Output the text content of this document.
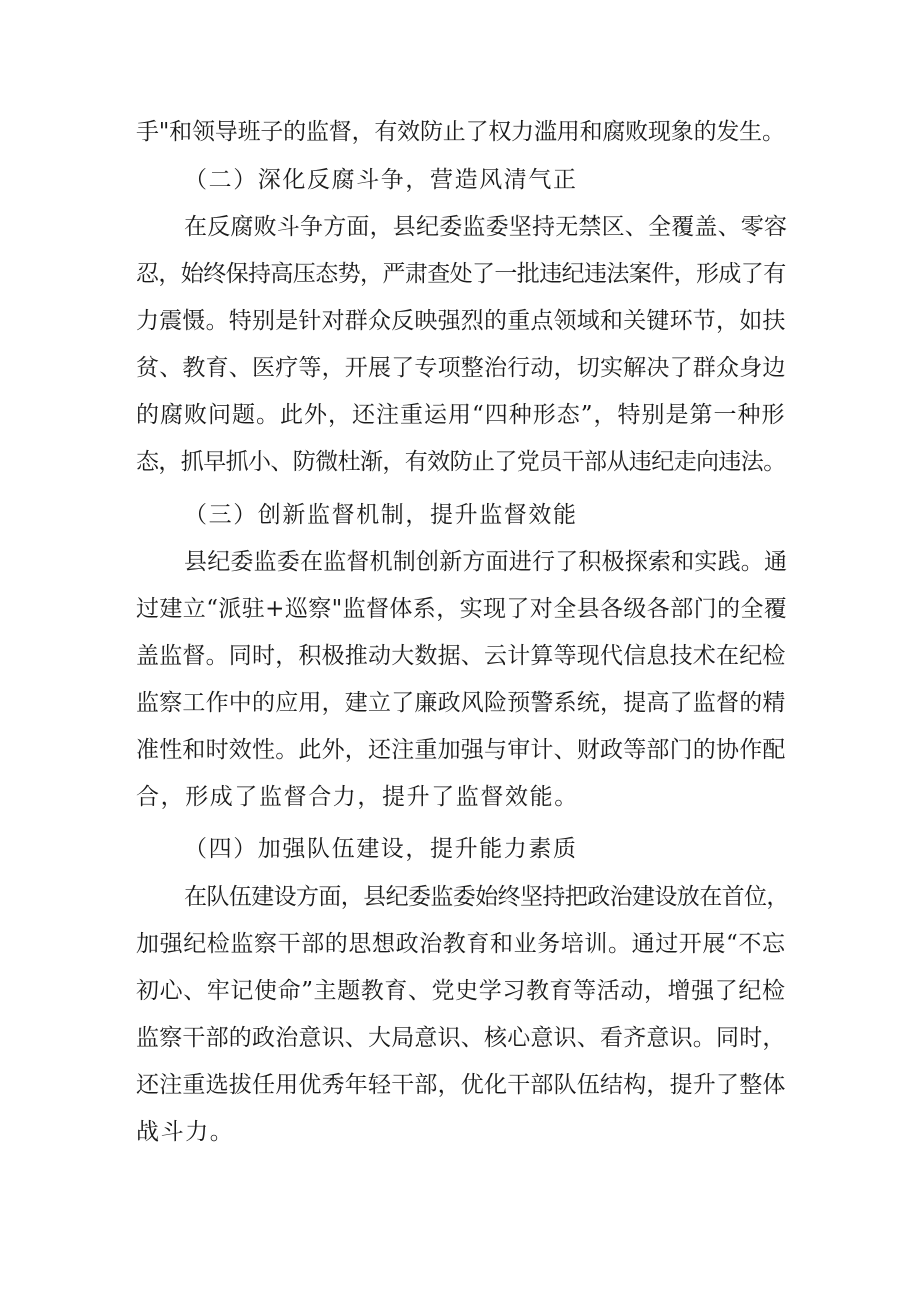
手"和领导班子的监督，有效防止了权力滥用和腐败现象的发生。
（二）深化反腐斗争，营造风清气正
在反腐败斗争方面，县纪委监委坚持无禁区、全覆盖、零容
忍，始终保持高压态势，严肃查处了一批违纪违法案件，形成了有
力震慑。特别是针对群众反映强烈的重点领域和关键环节，如扶
贫、教育、医疗等，开展了专项整治行动，切实解决了群众身边
的腐败问题。此外，还注重运用“四种形态”，特别是第一种形
态，抓早抓小、防微杜渐，有效防止了党员干部从违纪走向违法。
（三）创新监督机制，提升监督效能
县纪委监委在监督机制创新方面进行了积极探索和实践。通
过建立“派驻+巡察"监督体系，实现了对全县各级各部门的全覆
盖监督。同时，积极推动大数据、云计算等现代信息技术在纪检
监察工作中的应用，建立了廉政风险预警系统，提高了监督的精
准性和时效性。此外，还注重加强与审计、财政等部门的协作配
合，形成了监督合力，提升了监督效能。
（四）加强队伍建设，提升能力素质
在队伍建设方面，县纪委监委始终坚持把政治建设放在首位，
加强纪检监察干部的思想政治教育和业务培训。通过开展“不忘
初心、牢记使命”主题教育、党史学习教育等活动，增强了纪检
监察干部的政治意识、大局意识、核心意识、看齐意识。同时，
还注重选拔任用优秀年轻干部，优化干部队伍结构，提升了整体
战斗力。
